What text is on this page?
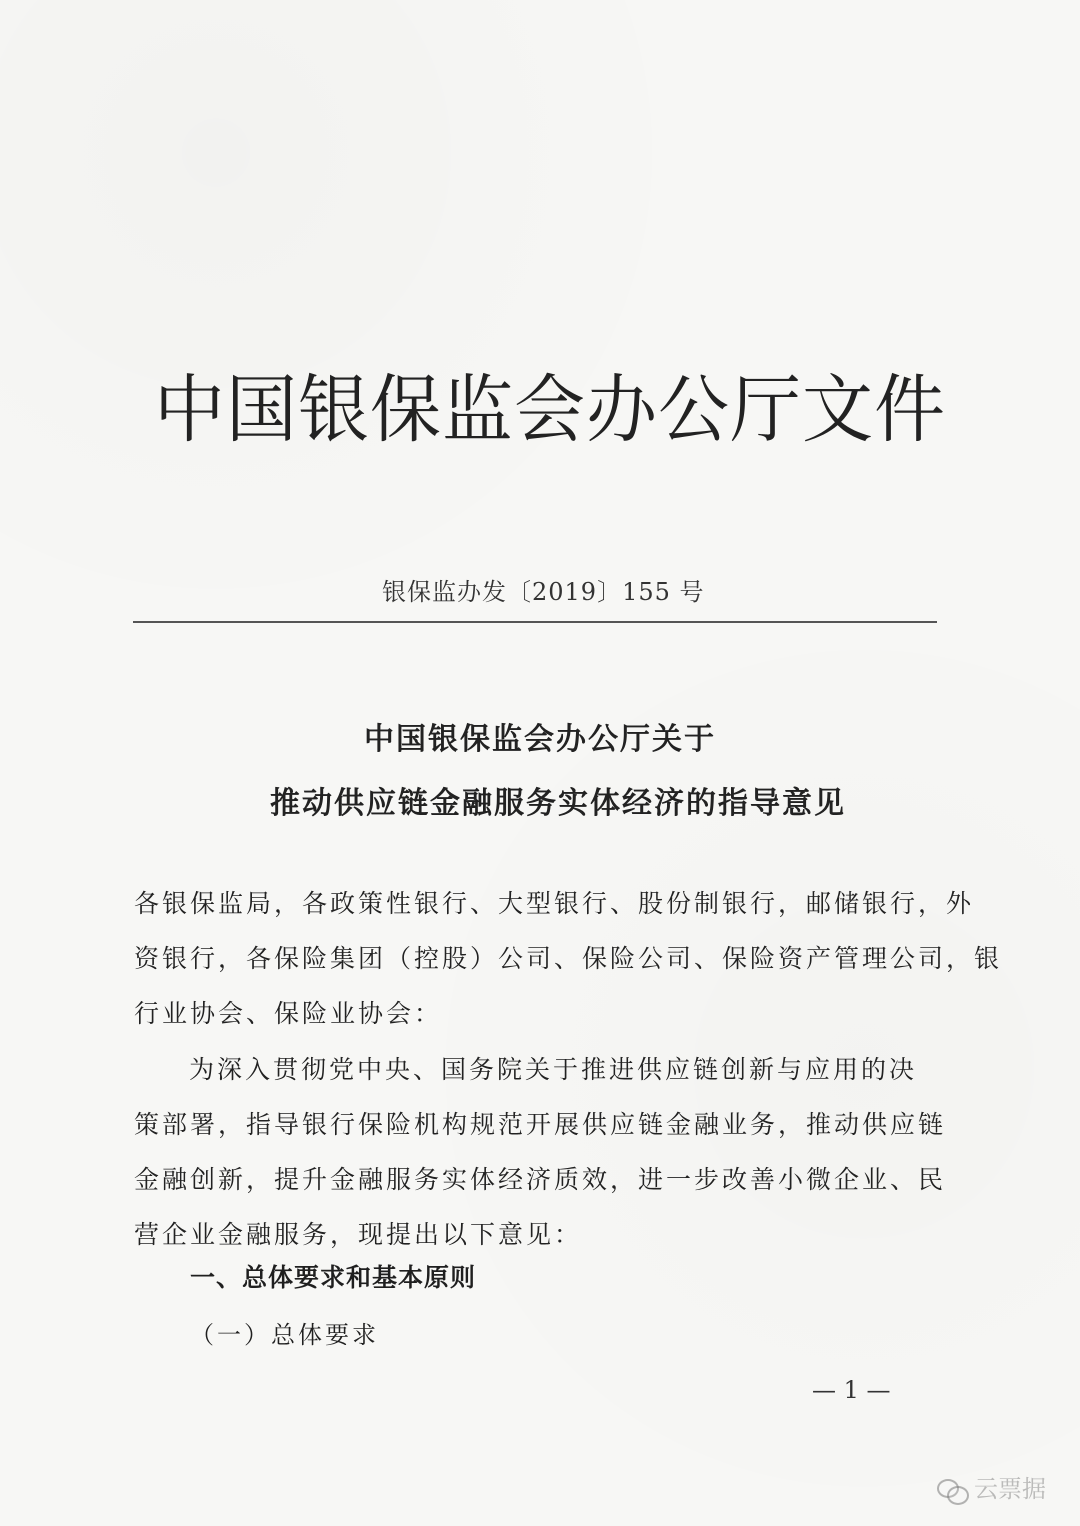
中国银保监会办公厅文件
银保监办发〔2019〕155 号
中国银保监会办公厅关于
推动供应链金融服务实体经济的指导意见
各银保监局，各政策性银行、大型银行、股份制银行，邮储银行，外
资银行，各保险集团（控股）公司、保险公司、保险资产管理公司，银
行业协会、保险业协会：
为深入贯彻党中央、国务院关于推进供应链创新与应用的决
策部署，指导银行保险机构规范开展供应链金融业务，推动供应链
金融创新，提升金融服务实体经济质效，进一步改善小微企业、民
营企业金融服务，现提出以下意见：
一、总体要求和基本原则
（一）总体要求
— 1 —
云票据
